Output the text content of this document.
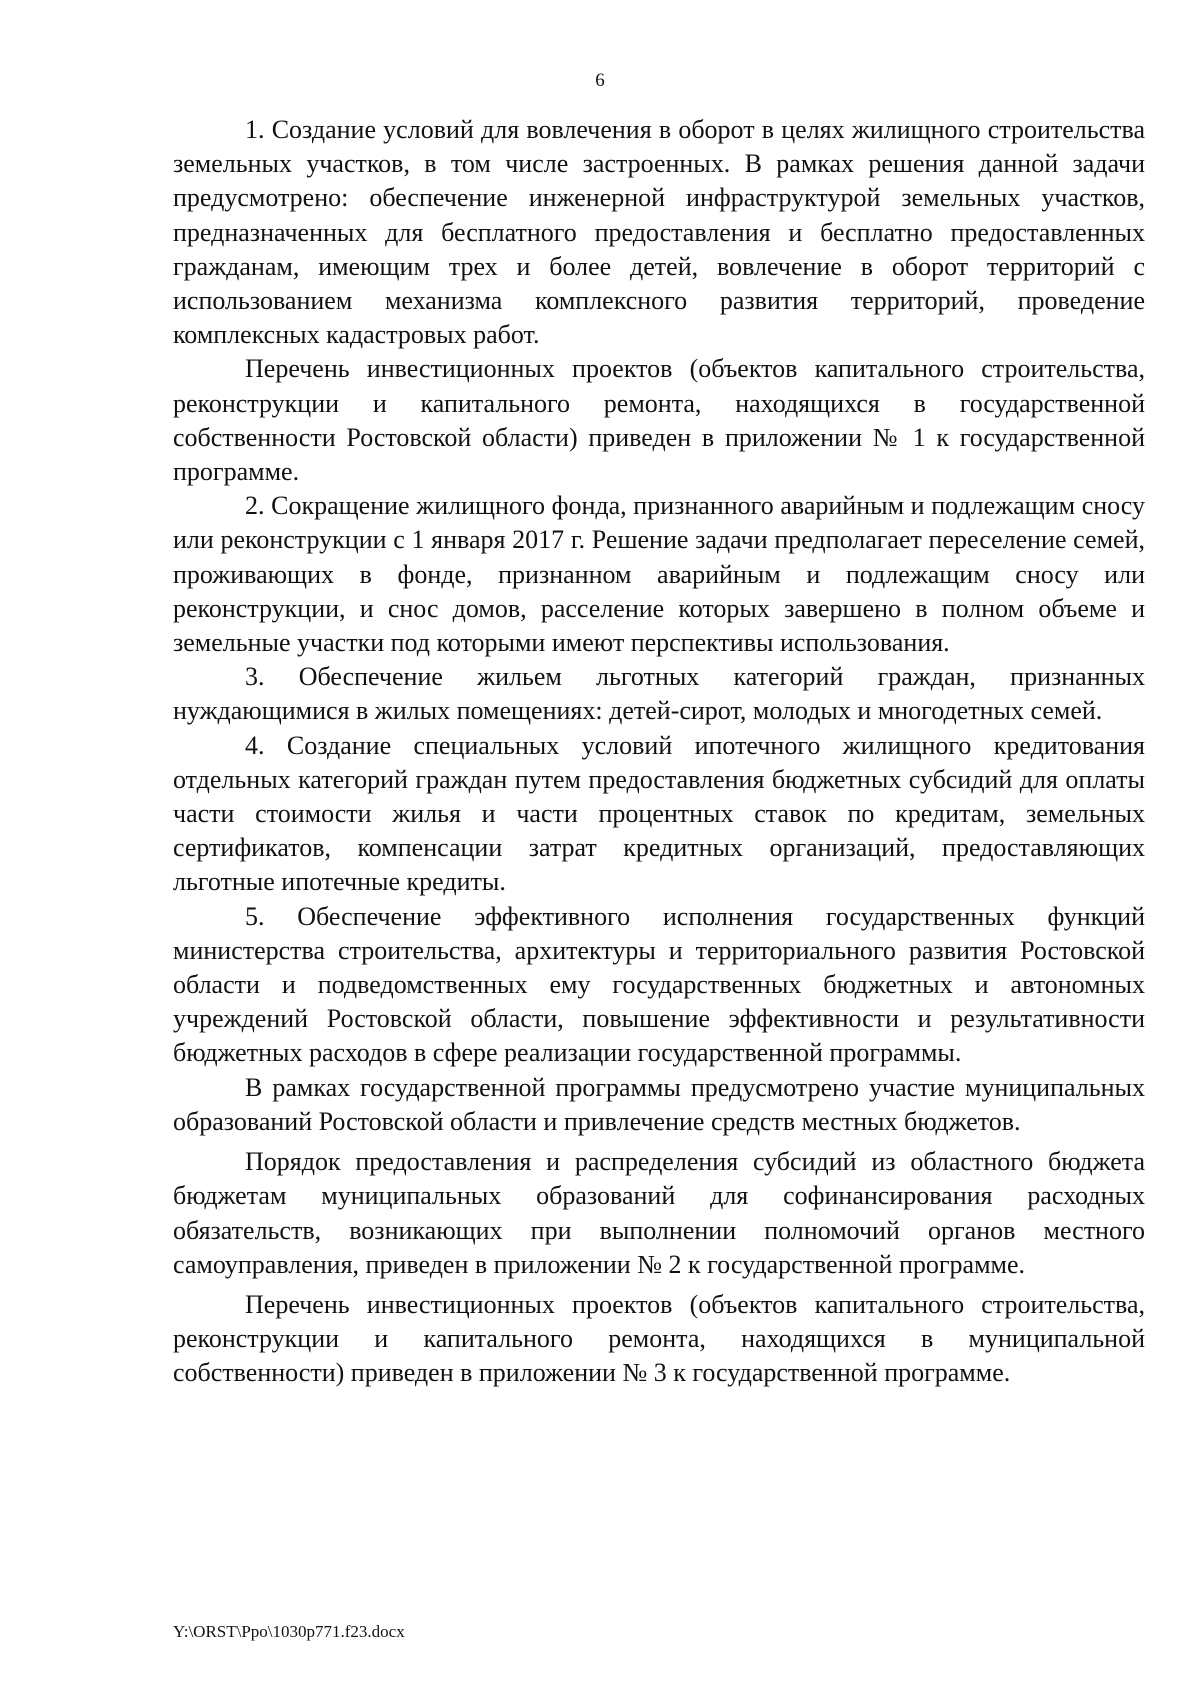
6

1. Создание условий для вовлечения в оборот в целях жилищного строительства земельных участков, в том числе застроенных. В рамках решения данной задачи предусмотрено: обеспечение инженерной инфраструктурой земельных участков, предназначенных для бесплатного предоставления и бесплатно предоставленных гражданам, имеющим трех и более детей, вовлечение в оборот территорий с использованием механизма комплексного развития территорий, проведение комплексных кадастровых работ.

Перечень инвестиционных проектов (объектов капитального строительства, реконструкции и капитального ремонта, находящихся в государственной собственности Ростовской области) приведен в приложении № 1 к государственной программе.

2. Сокращение жилищного фонда, признанного аварийным и подлежащим сносу или реконструкции с 1 января 2017 г. Решение задачи предполагает переселение семей, проживающих в фонде, признанном аварийным и подлежащим сносу или реконструкции, и снос домов, расселение которых завершено в полном объеме и земельные участки под которыми имеют перспективы использования.

3. Обеспечение жильем льготных категорий граждан, признанных нуждающимися в жилых помещениях: детей-сирот, молодых и многодетных семей.

4. Создание специальных условий ипотечного жилищного кредитования отдельных категорий граждан путем предоставления бюджетных субсидий для оплаты части стоимости жилья и части процентных ставок по кредитам, земельных сертификатов, компенсации затрат кредитных организаций, предоставляющих льготные ипотечные кредиты.

5. Обеспечение эффективного исполнения государственных функций министерства строительства, архитектуры и территориального развития Ростовской области и подведомственных ему государственных бюджетных и автономных учреждений Ростовской области, повышение эффективности и результативности бюджетных расходов в сфере реализации государственной программы.

В рамках государственной программы предусмотрено участие муниципальных образований Ростовской области и привлечение средств местных бюджетов.

Порядок предоставления и распределения субсидий из областного бюджета бюджетам муниципальных образований для софинансирования расходных обязательств, возникающих при выполнении полномочий органов местного самоуправления, приведен в приложении № 2 к государственной программе.

Перечень инвестиционных проектов (объектов капитального строительства, реконструкции и капитального ремонта, находящихся в муниципальной собственности) приведен в приложении № 3 к государственной программе.

Y:\ORST\Ppo\1030p771.f23.docx
